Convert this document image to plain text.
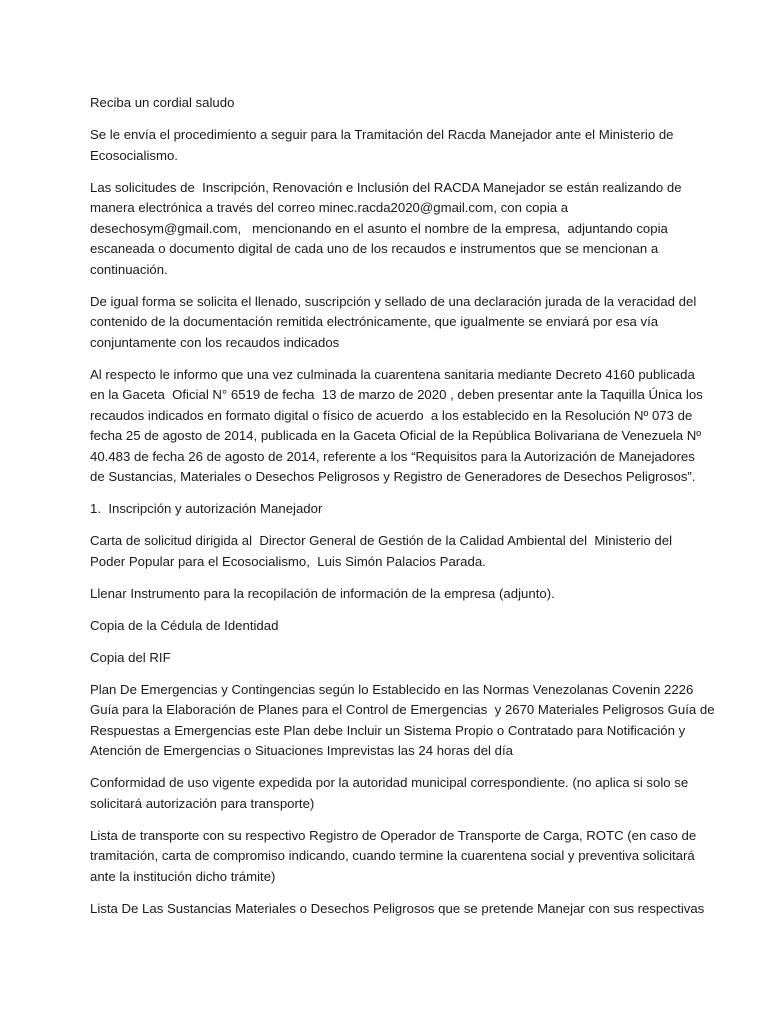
Reciba un cordial saludo

Se le envía el procedimiento a seguir para la Tramitación del Racda Manejador ante el Ministerio de
Ecosocialismo.

Las solicitudes de  Inscripción, Renovación e Inclusión del RACDA Manejador se están realizando de
manera electrónica a través del correo minec.racda2020@gmail.com, con copia a
desechosym@gmail.com,   mencionando en el asunto el nombre de la empresa,  adjuntando copia
escaneada o documento digital de cada uno de los recaudos e instrumentos que se mencionan a
continuación.

De igual forma se solicita el llenado, suscripción y sellado de una declaración jurada de la veracidad del
contenido de la documentación remitida electrónicamente, que igualmente se enviará por esa vía
conjuntamente con los recaudos indicados

Al respecto le informo que una vez culminada la cuarentena sanitaria mediante Decreto 4160 publicada
en la Gaceta  Oficial N° 6519 de fecha  13 de marzo de 2020 , deben presentar ante la Taquilla Única los
recaudos indicados en formato digital o físico de acuerdo  a los establecido en la Resolución Nº 073 de
fecha 25 de agosto de 2014, publicada en la Gaceta Oficial de la República Bolivariana de Venezuela Nº
40.483 de fecha 26 de agosto de 2014, referente a los “Requisitos para la Autorización de Manejadores
de Sustancias, Materiales o Desechos Peligrosos y Registro de Generadores de Desechos Peligrosos”.

1.  Inscripción y autorización Manejador

Carta de solicitud dirigida al  Director General de Gestión de la Calidad Ambiental del  Ministerio del
Poder Popular para el Ecosocialismo,  Luis Simón Palacios Parada.

Llenar Instrumento para la recopilación de información de la empresa (adjunto).

Copia de la Cédula de Identidad

Copia del RIF

Plan De Emergencias y Contingencias según lo Establecido en las Normas Venezolanas Covenin 2226
Guía para la Elaboración de Planes para el Control de Emergencias  y 2670 Materiales Peligrosos Guía de
Respuestas a Emergencias este Plan debe Incluir un Sistema Propio o Contratado para Notificación y
Atención de Emergencias o Situaciones Imprevistas las 24 horas del día

Conformidad de uso vigente expedida por la autoridad municipal correspondiente. (no aplica si solo se
solicitará autorización para transporte)

Lista de transporte con su respectivo Registro de Operador de Transporte de Carga, ROTC (en caso de
tramitación, carta de compromiso indicando, cuando termine la cuarentena social y preventiva solicitará
ante la institución dicho trámite)

Lista De Las Sustancias Materiales o Desechos Peligrosos que se pretende Manejar con sus respectivas
